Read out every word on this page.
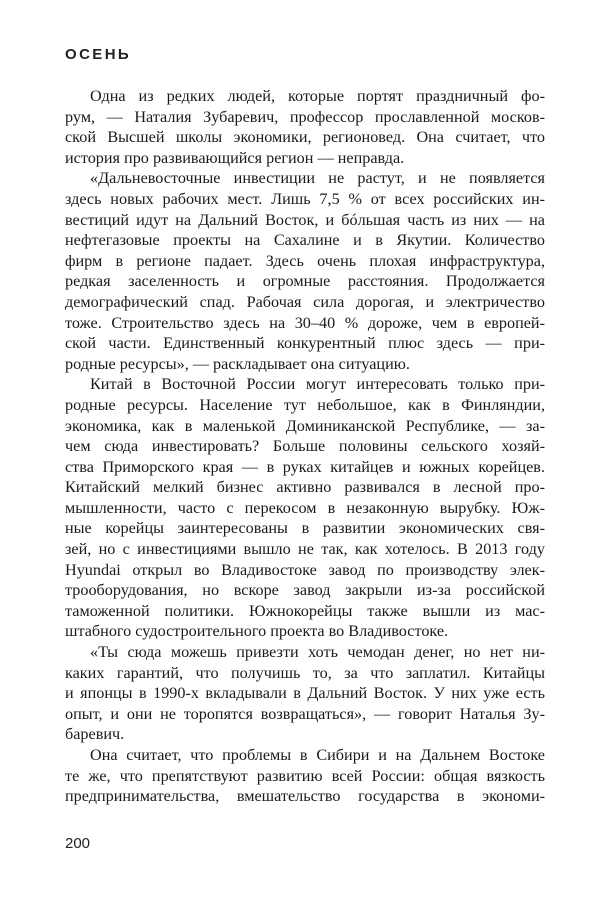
ОСЕНЬ
Одна из редких людей, которые портят праздничный фо-
рум, — Наталия Зубаревич, профессор прославленной москов-
ской Высшей школы экономики, регионовед. Она считает, что
история про развивающийся регион — неправда.
«Дальневосточные инвестиции не растут, и не появляется
здесь новых рабочих мест. Лишь 7,5 % от всех российских ин-
вестиций идут на Дальний Восток, и бóльшая часть из них — на
нефтегазовые проекты на Сахалине и в Якутии. Количество
фирм в регионе падает. Здесь очень плохая инфраструктура,
редкая заселенность и огромные расстояния. Продолжается
демографический спад. Рабочая сила дорогая, и электричество
тоже. Строительство здесь на 30–40 % дороже, чем в европей-
ской части. Единственный конкурентный плюс здесь — при-
родные ресурсы», — раскладывает она ситуацию.
Китай в Восточной России могут интересовать только при-
родные ресурсы. Население тут небольшое, как в Финляндии,
экономика, как в маленькой Доминиканской Республике, — за-
чем сюда инвестировать? Больше половины сельского хозяй-
ства Приморского края — в руках китайцев и южных корейцев.
Китайский мелкий бизнес активно развивался в лесной про-
мышленности, часто с перекосом в незаконную вырубку. Юж-
ные корейцы заинтересованы в развитии экономических свя-
зей, но с инвестициями вышло не так, как хотелось. В 2013 году
Hyundai открыл во Владивостоке завод по производству элек-
трооборудования, но вскоре завод закрыли из-за российской
таможенной политики. Южнокорейцы также вышли из мас-
штабного судостроительного проекта во Владивостоке.
«Ты сюда можешь привезти хоть чемодан денег, но нет ни-
каких гарантий, что получишь то, за что заплатил. Китайцы
и японцы в 1990-х вкладывали в Дальний Восток. У них уже есть
опыт, и они не торопятся возвращаться», — говорит Наталья Зу-
баревич.
Она считает, что проблемы в Сибири и на Дальнем Востоке
те же, что препятствуют развитию всей России: общая вязкость
предпринимательства, вмешательство государства в экономи-
200
